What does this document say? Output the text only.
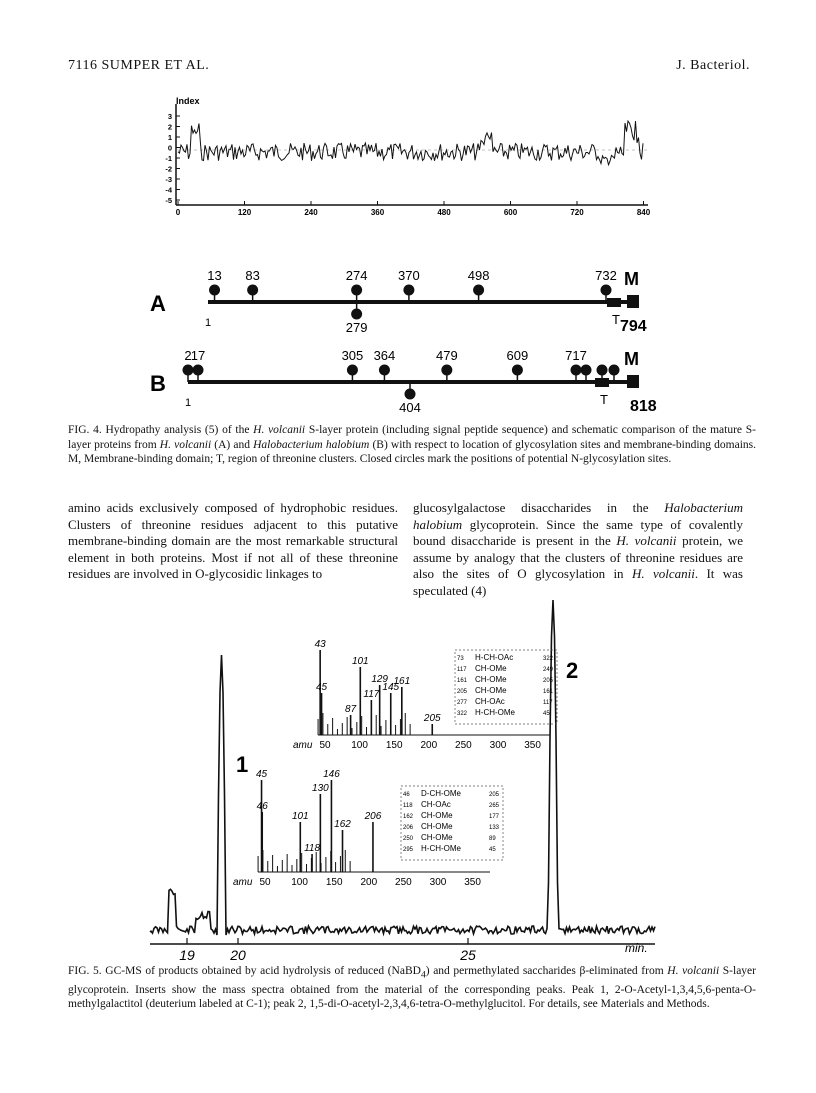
7116 SUMPER ET AL.	J. Bacteriol.
3
2
1
0
-1
-2
-3
-4
-5
0	120	240	360	480	600	720	840
Index
A
1
13 83	274 370	498	732
279
T
M
794
B
1
2 17	305 364	479	609	717
404
T
M
818
FIG. 4. Hydropathy analysis (5) of the H. volcanii S-layer protein (including signal peptide sequence) and schematic comparison of the mature S-layer proteins from H. volcanii (A) and Halobacterium halobium (B) with respect to location of glycosylation sites and membrane-binding domains. M, Membrane-binding domain; T, region of threonine clusters. Closed circles mark the positions of potential N-glycosylation sites.
amino acids exclusively composed of hydrophobic residues. Clusters of threonine residues adjacent to this putative membrane-binding domain are the most remarkable structural element in both proteins. Most if not all of these threonine residues are involved in O-glycosidic linkages to
glucosylgalactose disaccharides in the Halobacterium halobium glycoprotein. Since the same type of covalently bound disaccharide is present in the H. volcanii protein, we assume by analogy that the clusters of threonine residues are also the sites of O glycosylation in H. volcanii. It was speculated (4)
19	20	25	min.
1
2
amu 50 100 150 200 250 300 350
45
46
101
118
130
146
162
206
46 D-CH-OMe	205
118 CH-OAc	265
162 CH-OMe	177
206 CH-OMe	133
250 CH-OMe	89
295 H-CH-OMe	45
amu 50 100 150 200 250 300 350
43
45
87
101
117
129
145
161
205
73 H-CH-OAc	322
117 CH-OMe	249
161 CH-OMe	205
205 CH-OMe	161
277 CH-OAc	117
322 H-CH-OMe	45
FIG. 5. GC-MS of products obtained by acid hydrolysis of reduced (NaBD$_4$) and permethylated saccharides β-eliminated from H. volcanii S-layer glycoprotein. Inserts show the mass spectra obtained from the material of the corresponding peaks. Peak 1, 2-O-Acetyl-1,3,4,5,6-penta-O-methylgalactitol (deuterium labeled at C-1); peak 2, 1,5-di-O-acetyl-2,3,4,6-tetra-O-methylglucitol. For details, see Materials and Methods.
